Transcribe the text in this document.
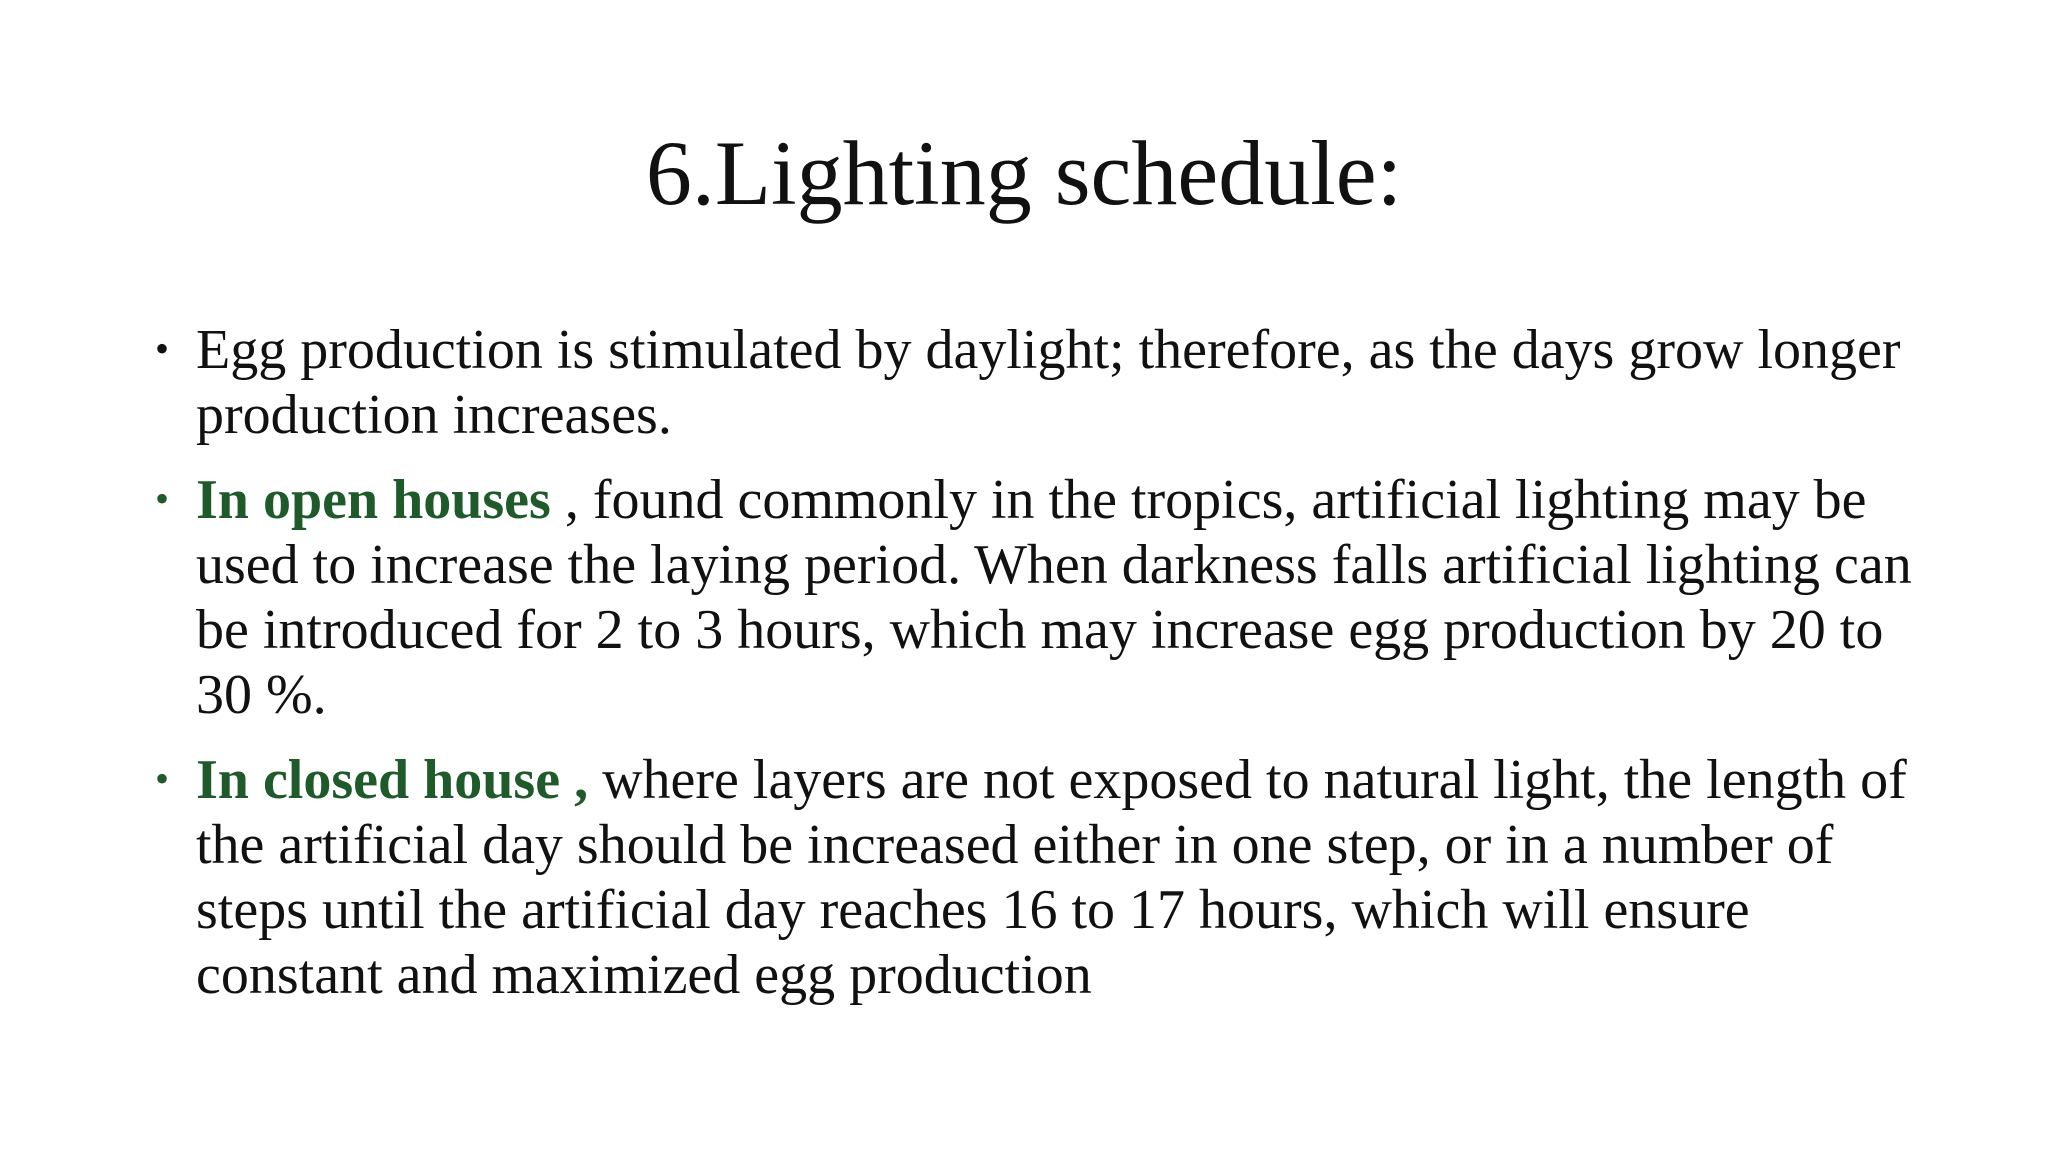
6.Lighting schedule:
• Egg production is stimulated by daylight; therefore, as the days grow longer production increases.
• In open houses , found commonly in the tropics, artificial lighting may be used to increase the laying period. When darkness falls artificial lighting can be introduced for 2 to 3 hours, which may increase egg production by 20 to 30 %.
• In closed house , where layers are not exposed to natural light, the length of the artificial day should be increased either in one step, or in a number of steps until the artificial day reaches 16 to 17 hours, which will ensure constant and maximized egg production
